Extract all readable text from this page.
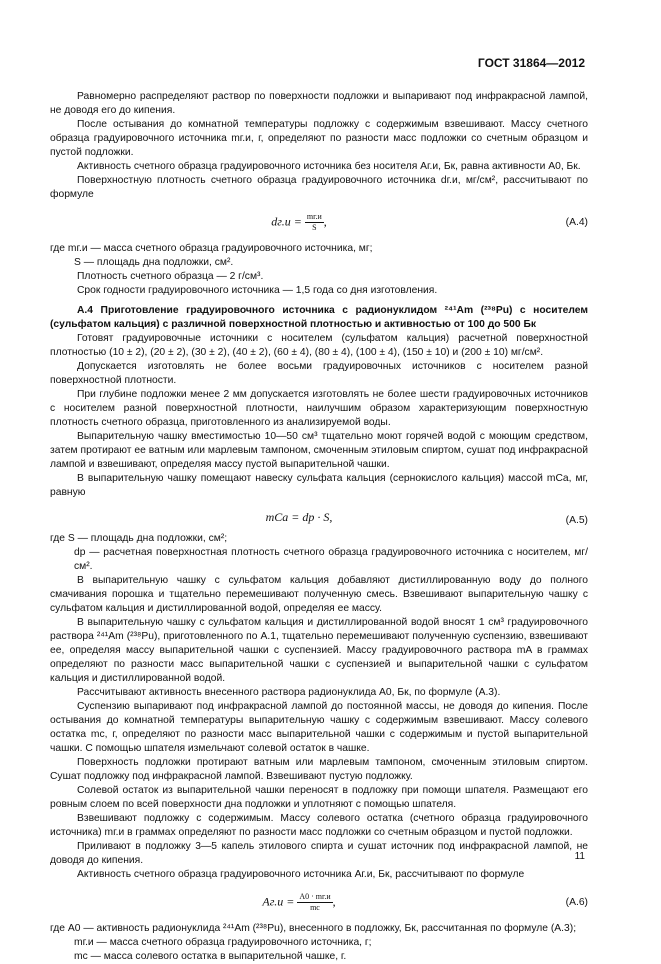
ГОСТ 31864—2012

Равномерно распределяют раствор по поверхности подложки и выпаривают под инфракрасной лампой, не доводя его до кипения.

После остывания до комнатной температуры подложку с содержимым взвешивают. Массу счетного образца градуировочного источника mг.и, г, определяют по разности масс подложки со счетным образцом и пустой подложки.

Активность счетного образца градуировочного источника без носителя Aг.и, Бк, равна активности A0, Бк.

Поверхностную плотность счетного образца градуировочного источника dг.и, мг/см², рассчитывают по формуле

$dг.и = \frac{mг.и}{S}$ ,	(А.4)

где mг.и — масса счетного образца градуировочного источника, мг;

S — площадь дна подложки, см².

Плотность счетного образца — 2 г/см³.

Срок годности градуировочного источника — 1,5 года со дня изготовления.

А.4 Приготовление градуировочного источника с радионуклидом ²⁴¹Am (²³⁸Pu) с носителем (сульфатом кальция) с различной поверхностной плотностью и активностью от 100 до 500 Бк

Готовят градуировочные источники с носителем (сульфатом кальция) расчетной поверхностной плотностью (10 ± 2), (20 ± 2), (30 ± 2), (40 ± 2), (60 ± 4), (80 ± 4), (100 ± 4), (150 ± 10) и (200 ± 10) мг/см².

Допускается изготовлять не более восьми градуировочных источников с носителем разной поверхностной плотности.

При глубине подложки менее 2 мм допускается изготовлять не более шести градуировочных источников с носителем разной поверхностной плотности, наилучшим образом характеризующим поверхностную плотность счетного образца, приготовленного из анализируемой воды.

Выпарительную чашку вместимостью 10—50 см³ тщательно моют горячей водой с моющим средством, затем протирают ее ватным или марлевым тампоном, смоченным этиловым спиртом, сушат под инфракрасной лампой и взвешивают, определяя массу пустой выпарительной чашки.

В выпарительную чашку помещают навеску сульфата кальция (сернокислого кальция) массой mCa, мг, равную

mCa = dр · S,	(А.5)

где S — площадь дна подложки, см²;

dр — расчетная поверхностная плотность счетного образца градуировочного источника с носителем, мг/см².

В выпарительную чашку с сульфатом кальция добавляют дистиллированную воду до полного смачивания порошка и тщательно перемешивают полученную смесь. Взвешивают выпарительную чашку с сульфатом кальция и дистиллированной водой, определяя ее массу.

В выпарительную чашку с сульфатом кальция и дистиллированной водой вносят 1 см³ градуировочного раствора ²⁴¹Am (²³⁸Pu), приготовленного по А.1, тщательно перемешивают полученную суспензию, взвешивают ее, определяя массу выпарительной чашки с суспензией. Массу градуировочного раствора mA в граммах определяют по разности масс выпарительной чашки с суспензией и выпарительной чашки с сульфатом кальция и дистиллированной водой.

Рассчитывают активность внесенного раствора радионуклида A0, Бк, по формуле (А.3).

Суспензию выпаривают под инфракрасной лампой до постоянной массы, не доводя до кипения. После остывания до комнатной температуры выпарительную чашку с содержимым взвешивают. Массу солевого остатка mc, г, определяют по разности масс выпарительной чашки с содержимым и пустой выпарительной чашки. С помощью шпателя измельчают солевой остаток в чашке.

Поверхность подложки протирают ватным или марлевым тампоном, смоченным этиловым спиртом. Сушат подложку под инфракрасной лампой. Взвешивают пустую подложку.

Солевой остаток из выпарительной чашки переносят в подложку при помощи шпателя. Размещают его ровным слоем по всей поверхности дна подложки и уплотняют с помощью шпателя.

Взвешивают подложку с содержимым. Массу солевого остатка (счетного образца градуировочного источника) mг.и в граммах определяют по разности масс подложки со счетным образцом и пустой подложки.

Приливают в подложку 3—5 капель этилового спирта и сушат источник под инфракрасной лампой, не доводя до кипения.

Активность счетного образца градуировочного источника Aг.и, Бк, рассчитывают по формуле

$Aг.и = \frac{A0 \cdot mг.и}{mc}$ ,	(А.6)

где A0 — активность радионуклида ²⁴¹Am (²³⁸Pu), внесенного в подложку, Бк, рассчитанная по формуле (А.3);

mг.и — масса счетного образца градуировочного источника, г;

mc — масса солевого остатка в выпарительной чашке, г.

11
